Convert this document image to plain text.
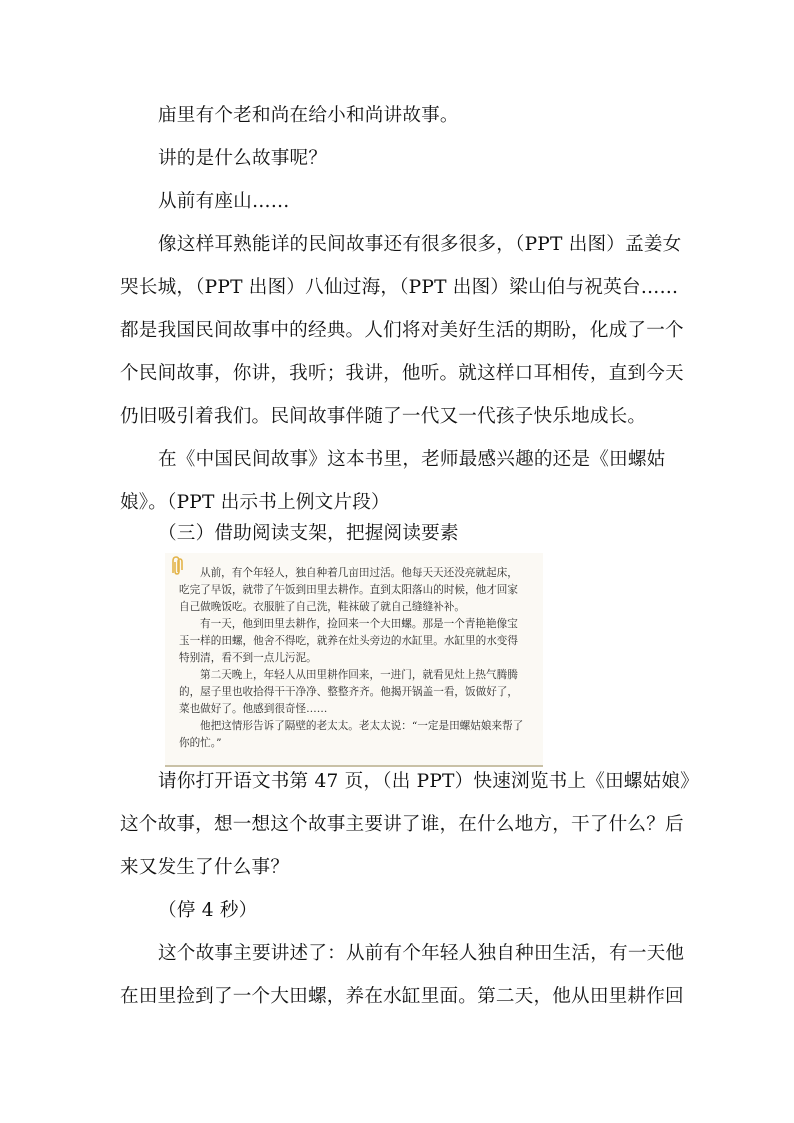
庙里有个老和尚在给小和尚讲故事。
讲的是什么故事呢？
从前有座山……
像这样耳熟能详的民间故事还有很多很多，（PPT 出图）孟姜女
哭长城，（PPT 出图）八仙过海，（PPT 出图）梁山伯与祝英台……
都是我国民间故事中的经典。人们将对美好生活的期盼，化成了一个
个民间故事，你讲，我听；我讲，他听。就这样口耳相传，直到今天
仍旧吸引着我们。民间故事伴随了一代又一代孩子快乐地成长。
在《中国民间故事》这本书里，老师最感兴趣的还是《田螺姑
娘》。（PPT 出示书上例文片段）
（三）借助阅读支架，把握阅读要素
从前，有个年轻人，独自种着几亩田过活。他每天天还没亮就起床，
吃完了早饭，就带了午饭到田里去耕作。直到太阳落山的时候，他才回家
自己做晚饭吃。衣服脏了自己洗，鞋袜破了就自己缝缝补补。
有一天，他到田里去耕作，捡回来一个大田螺。那是一个青艳艳像宝
玉一样的田螺，他舍不得吃，就养在灶头旁边的水缸里。水缸里的水变得
特别清，看不到一点儿污泥。
第二天晚上，年轻人从田里耕作回来，一进门，就看见灶上热气腾腾
的，屋子里也收拾得干干净净、整整齐齐。他揭开锅盖一看，饭做好了，
菜也做好了。他感到很奇怪……
他把这情形告诉了隔壁的老太太。老太太说：“一定是田螺姑娘来帮了
你的忙。”
请你打开语文书第 47 页，（出 PPT）快速浏览书上《田螺姑娘》
这个故事，想一想这个故事主要讲了谁，在什么地方，干了什么？后
来又发生了什么事？
（停 4 秒）
这个故事主要讲述了：从前有个年轻人独自种田生活，有一天他
在田里捡到了一个大田螺，养在水缸里面。第二天，他从田里耕作回
